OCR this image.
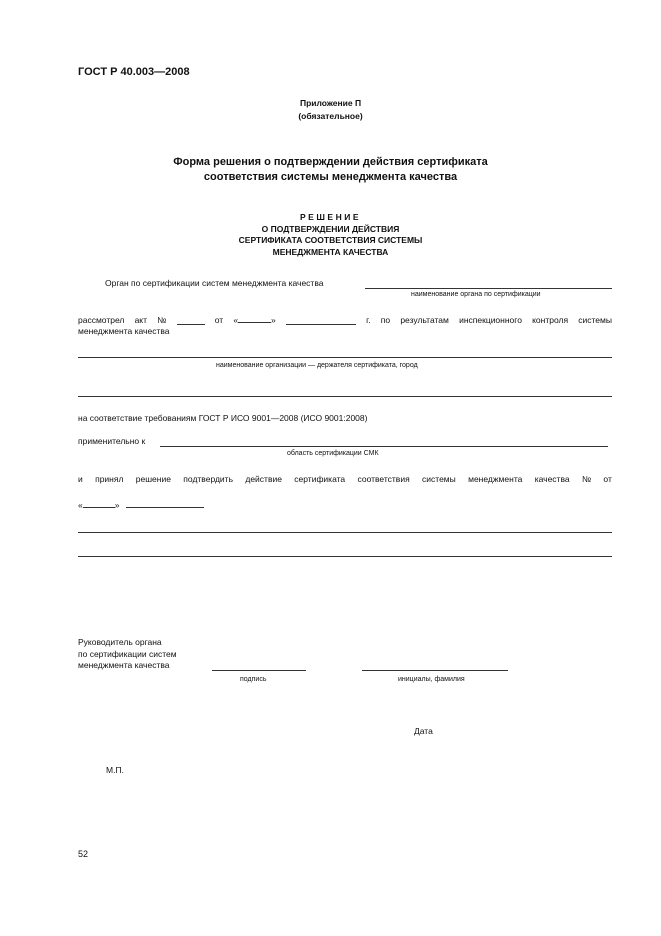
ГОСТ Р 40.003—2008
Приложение П
(обязательное)
Форма решения о подтверждении действия сертификата
соответствия системы менеджмента качества
РЕШЕНИЕ
О ПОДТВЕРЖДЕНИИ ДЕЙСТВИЯ
СЕРТИФИКАТА СООТВЕТСТВИЯ СИСТЕМЫ
МЕНЕДЖМЕНТА КАЧЕСТВА
Орган по сертификации систем менеджмента качества
наименование органа по сертификации
рассмотрел акт №	от «	»	г. по результатам инспекционного контроля системы
менеджмента качества
наименование организации — держателя сертификата, город
на соответствие требованиям ГОСТ Р ИСО 9001—2008 (ИСО 9001:2008)
применительно к
область сертификации СМК
и принял решение подтвердить действие сертификата соответствия системы менеджмента качества № от
«	»
Руководитель органа
по сертификации систем
менеджмента качества
подпись	инициалы, фамилия
Дата
М.П.
52
